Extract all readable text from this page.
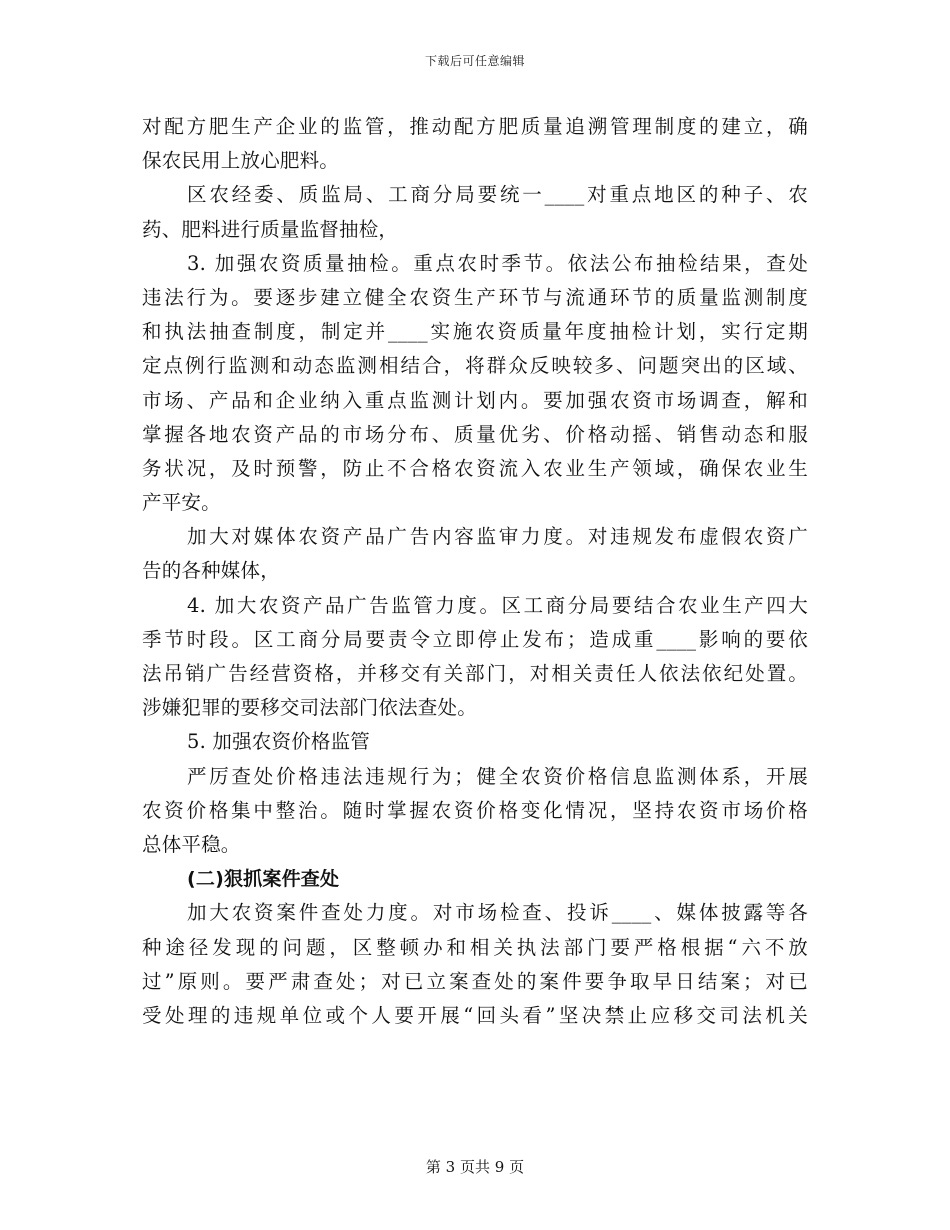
下载后可任意编辑
对配方肥生产企业的监管，推动配方肥质量追溯管理制度的建立，确
保农民用上放心肥料。
区农经委、质监局、工商分局要统一____对重点地区的种子、农
药、肥料进行质量监督抽检，
3. 加强农资质量抽检。重点农时季节。依法公布抽检结果，查处
违法行为。要逐步建立健全农资生产环节与流通环节的质量监测制度
和执法抽查制度，制定并____实施农资质量年度抽检计划，实行定期
定点例行监测和动态监测相结合，将群众反映较多、问题突出的区域、
市场、产品和企业纳入重点监测计划内。要加强农资市场调查，解和
掌握各地农资产品的市场分布、质量优劣、价格动摇、销售动态和服
务状况，及时预警，防止不合格农资流入农业生产领域，确保农业生
产平安。
加大对媒体农资产品广告内容监审力度。对违规发布虚假农资广
告的各种媒体，
4. 加大农资产品广告监管力度。区工商分局要结合农业生产四大
季节时段。区工商分局要责令立即停止发布；造成重____影响的要依
法吊销广告经营资格，并移交有关部门，对相关责任人依法依纪处置。
涉嫌犯罪的要移交司法部门依法查处。
5. 加强农资价格监管
严厉查处价格违法违规行为；健全农资价格信息监测体系，开展
农资价格集中整治。随时掌握农资价格变化情况，坚持农资市场价格
总体平稳。
(二)狠抓案件查处
加大农资案件查处力度。对市场检查、投诉____、媒体披露等各
种途径发现的问题，区整顿办和相关执法部门要严格根据“六不放
过”原则。要严肃查处；对已立案查处的案件要争取早日结案；对已
受处理的违规单位或个人要开展“回头看”坚决禁止应移交司法机关
第 3 页共 9 页
